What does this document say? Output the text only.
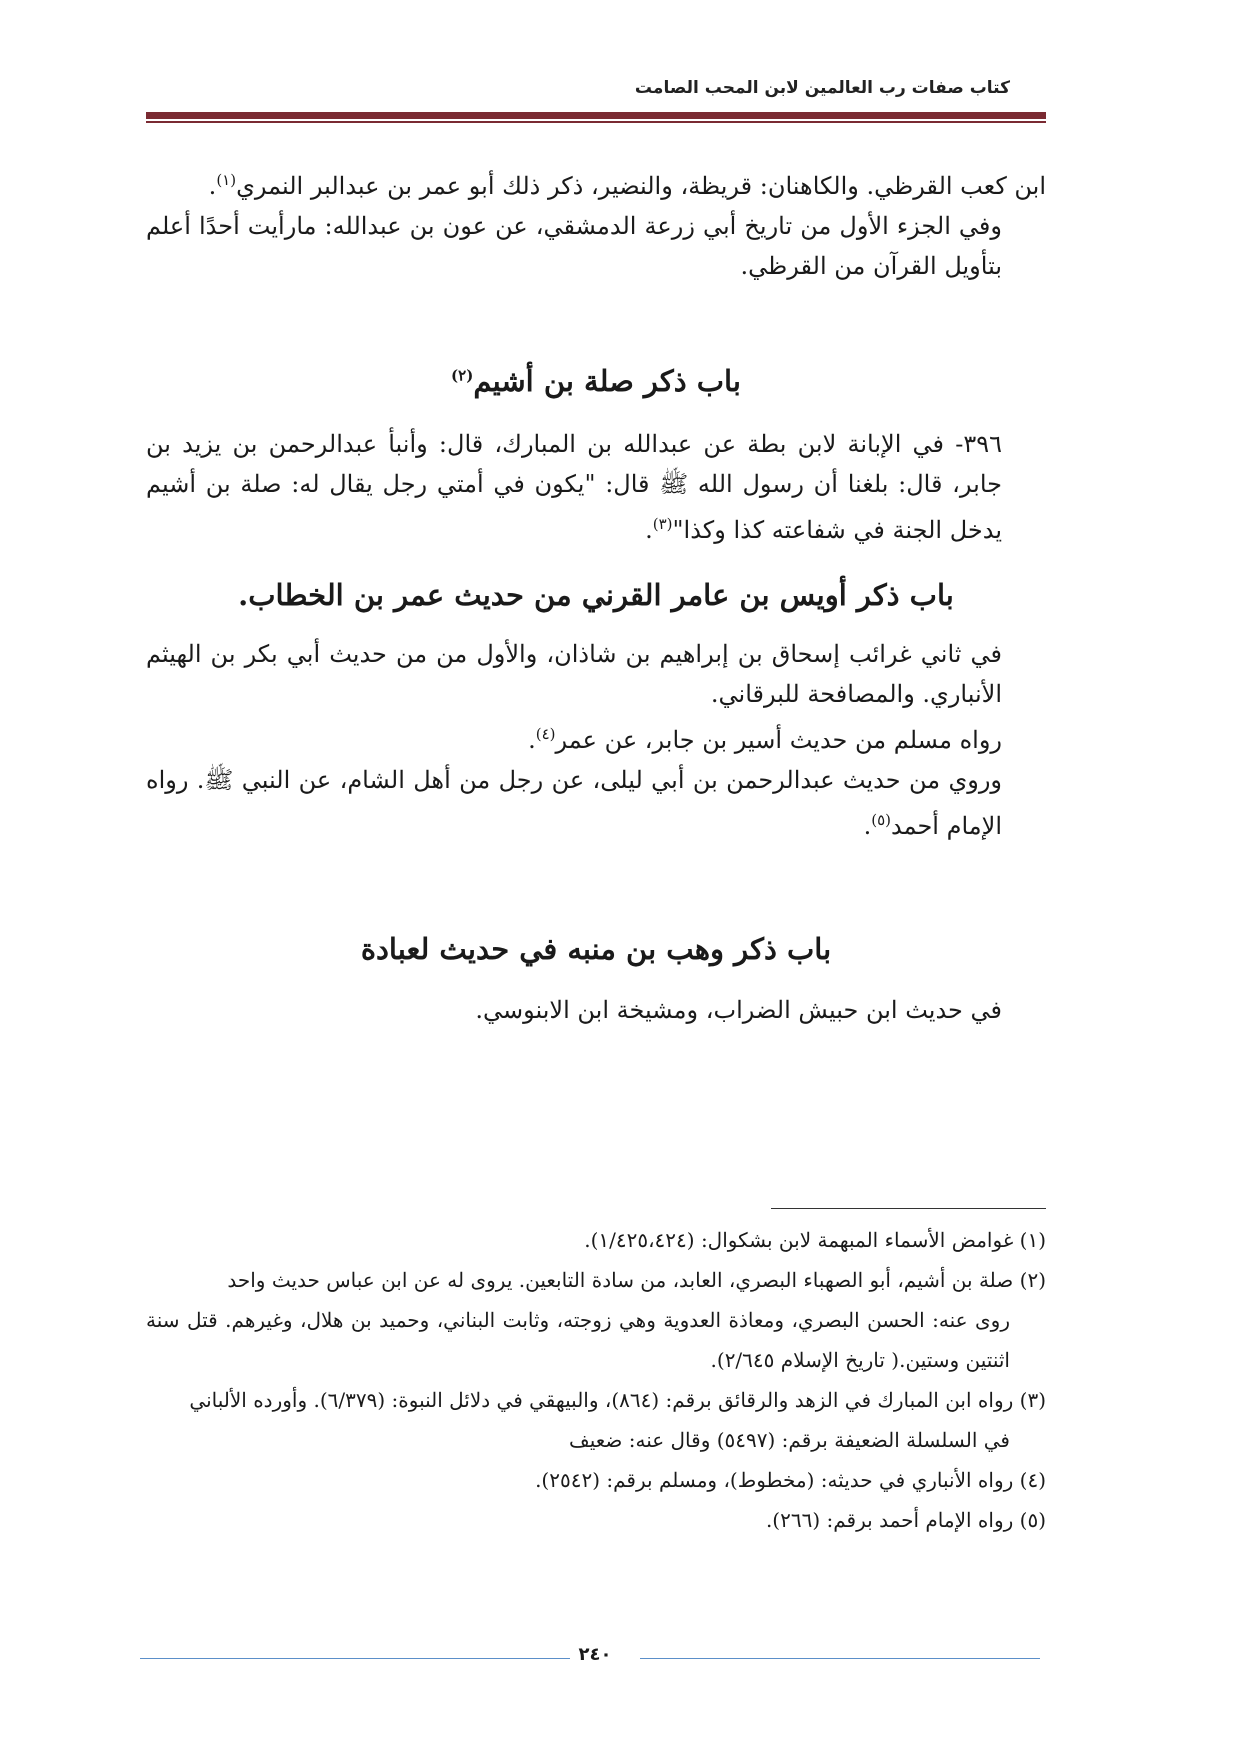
كتاب صفات رب العالمين لابن المحب الصامت

ابن كعب القرظي. والكاهنان: قريظة، والنضير، ذكر ذلك أبو عمر بن عبدالبر النمري$^{(١)}$.

وفي الجزء الأول من تاريخ أبي زرعة الدمشقي، عن عون بن عبدالله: مارأيت أحدًا أعلم بتأويل القرآن من القرظي.

باب ذكر صلة بن أشيم$^{(٢)}$

٣٩٦- في الإبانة لابن بطة عن عبدالله بن المبارك، قال: وأنبأ عبدالرحمن بن يزيد بن جابر، قال: بلغنا أن رسول الله ﷺ قال: "يكون في أمتي رجل يقال له: صلة بن أشيم يدخل الجنة في شفاعته كذا وكذا"$^{(٣)}$.

باب ذكر أويس بن عامر القرني من حديث عمر بن الخطاب.

في ثاني غرائب إسحاق بن إبراهيم بن شاذان، والأول من من حديث أبي بكر بن الهيثم الأنباري. والمصافحة للبرقاني.

رواه مسلم من حديث أسير بن جابر، عن عمر$^{(٤)}$.

وروي من حديث عبدالرحمن بن أبي ليلى، عن رجل من أهل الشام، عن النبي ﷺ. رواه الإمام أحمد$^{(٥)}$.

باب ذكر وهب بن منبه في حديث لعبادة

في حديث ابن حبيش الضراب، ومشيخة ابن الابنوسي.

(١) غوامض الأسماء المبهمة لابن بشكوال: (١/٤٢٥،٤٢٤).

(٢) صلة بن أشيم، أبو الصهباء البصري، العابد، من سادة التابعين. يروى له عن ابن عباس حديث واحد

روى عنه: الحسن البصري، ومعاذة العدوية وهي زوجته، وثابت البناني، وحميد بن هلال، وغيرهم. قتل سنة اثنتين وستين.( تاريخ الإسلام ٢/٦٤٥).

(٣) رواه ابن المبارك في الزهد والرقائق برقم: (٨٦٤)، والبيهقي في دلائل النبوة: (٦/٣٧٩). وأورده الألباني

في السلسلة الضعيفة برقم: (٥٤٩٧) وقال عنه: ضعيف

(٤) رواه الأنباري في حديثه: (مخطوط)، ومسلم برقم: (٢٥٤٢).

(٥) رواه الإمام أحمد برقم: (٢٦٦).

٢٤٠
